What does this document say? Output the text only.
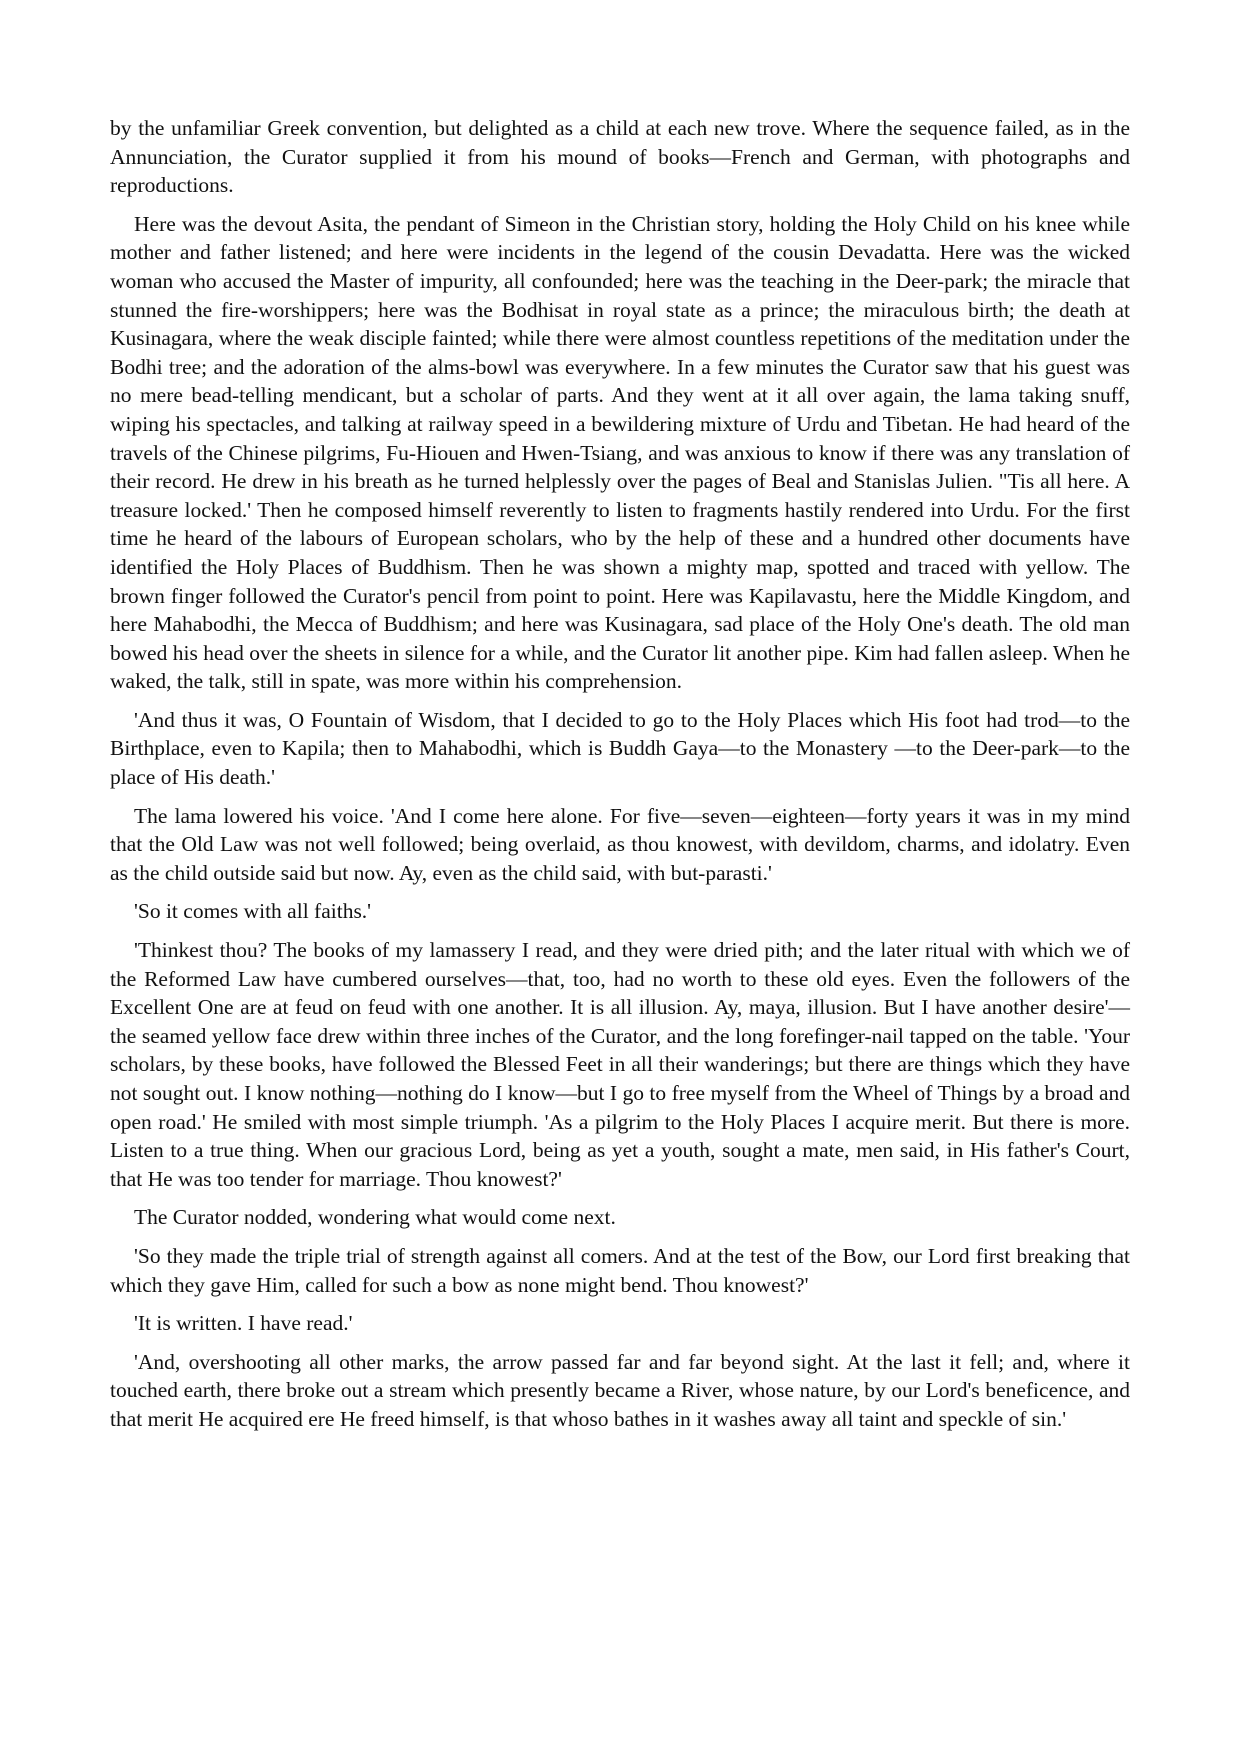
by the unfamiliar Greek convention, but delighted as a child at each new trove. Where the sequence failed, as in the Annunciation, the Curator supplied it from his mound of books—French and German, with photographs and reproductions.

Here was the devout Asita, the pendant of Simeon in the Christian story, holding the Holy Child on his knee while mother and father listened; and here were incidents in the legend of the cousin Devadatta. Here was the wicked woman who accused the Master of impurity, all confounded; here was the teaching in the Deer-park; the miracle that stunned the fire-worshippers; here was the Bodhisat in royal state as a prince; the miraculous birth; the death at Kusinagara, where the weak disciple fainted; while there were almost countless repetitions of the meditation under the Bodhi tree; and the adoration of the alms-bowl was everywhere. In a few minutes the Curator saw that his guest was no mere bead-telling mendicant, but a scholar of parts. And they went at it all over again, the lama taking snuff, wiping his spectacles, and talking at railway speed in a bewildering mixture of Urdu and Tibetan. He had heard of the travels of the Chinese pilgrims, Fu-Hiouen and Hwen-Tsiang, and was anxious to know if there was any translation of their record. He drew in his breath as he turned helplessly over the pages of Beal and Stanislas Julien. "Tis all here. A treasure locked.' Then he composed himself reverently to listen to fragments hastily rendered into Urdu. For the first time he heard of the labours of European scholars, who by the help of these and a hundred other documents have identified the Holy Places of Buddhism. Then he was shown a mighty map, spotted and traced with yellow. The brown finger followed the Curator's pencil from point to point. Here was Kapilavastu, here the Middle Kingdom, and here Mahabodhi, the Mecca of Buddhism; and here was Kusinagara, sad place of the Holy One's death. The old man bowed his head over the sheets in silence for a while, and the Curator lit another pipe. Kim had fallen asleep. When he waked, the talk, still in spate, was more within his comprehension.

'And thus it was, O Fountain of Wisdom, that I decided to go to the Holy Places which His foot had trod—to the Birthplace, even to Kapila; then to Mahabodhi, which is Buddh Gaya—to the Monastery —to the Deer-park—to the place of His death.'

The lama lowered his voice. 'And I come here alone. For five—seven—eighteen—forty years it was in my mind that the Old Law was not well followed; being overlaid, as thou knowest, with devildom, charms, and idolatry. Even as the child outside said but now. Ay, even as the child said, with but-parasti.'

'So it comes with all faiths.'

'Thinkest thou? The books of my lamassery I read, and they were dried pith; and the later ritual with which we of the Reformed Law have cumbered ourselves—that, too, had no worth to these old eyes. Even the followers of the Excellent One are at feud on feud with one another. It is all illusion. Ay, maya, illusion. But I have another desire'—the seamed yellow face drew within three inches of the Curator, and the long forefinger-nail tapped on the table. 'Your scholars, by these books, have followed the Blessed Feet in all their wanderings; but there are things which they have not sought out. I know nothing—nothing do I know—but I go to free myself from the Wheel of Things by a broad and open road.' He smiled with most simple triumph. 'As a pilgrim to the Holy Places I acquire merit. But there is more. Listen to a true thing. When our gracious Lord, being as yet a youth, sought a mate, men said, in His father's Court, that He was too tender for marriage. Thou knowest?'

The Curator nodded, wondering what would come next.

'So they made the triple trial of strength against all comers. And at the test of the Bow, our Lord first breaking that which they gave Him, called for such a bow as none might bend. Thou knowest?'

'It is written. I have read.'

'And, overshooting all other marks, the arrow passed far and far beyond sight. At the last it fell; and, where it touched earth, there broke out a stream which presently became a River, whose nature, by our Lord's beneficence, and that merit He acquired ere He freed himself, is that whoso bathes in it washes away all taint and speckle of sin.'
